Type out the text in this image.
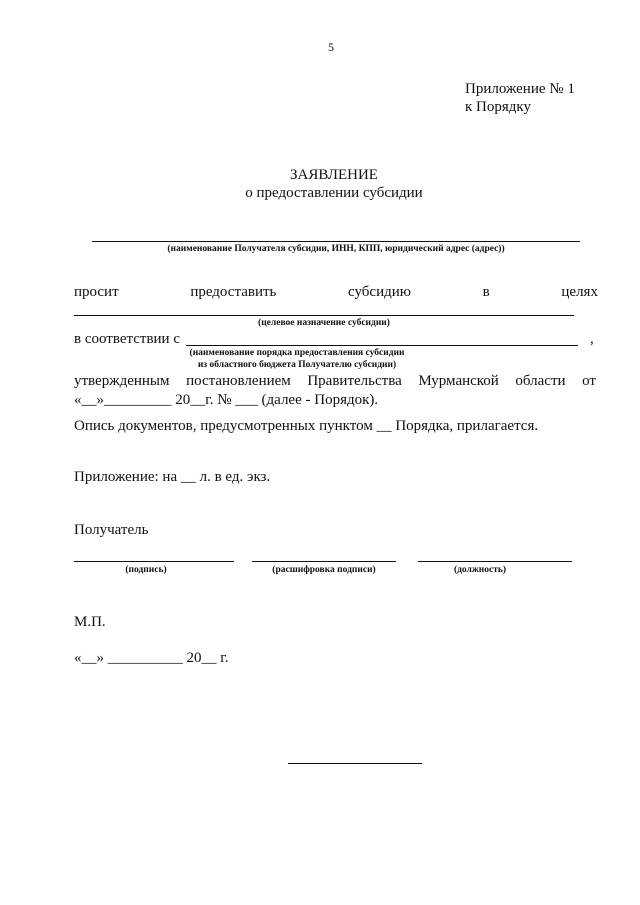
5
Приложение № 1
к Порядку
ЗАЯВЛЕНИЕ
о предоставлении субсидии
(наименование Получателя субсидии, ИНН, КПП, юридический адрес (адрес))
просит	предоставить	субсидию	в	целях
(целевое назначение субсидии)
в соответствии с	,
(наименование порядка предоставления субсидии
из областного бюджета Получателю субсидии)
утвержденным постановлением Правительства Мурманской области от
«__»_________ 20__г. № ___ (далее - Порядок).
Опись документов, предусмотренных пунктом __ Порядка, прилагается.
Приложение: на __ л. в ед. экз.
Получатель
(подпись)	(расшифровка подписи)	(должность)
М.П.
«__» __________ 20__ г.
